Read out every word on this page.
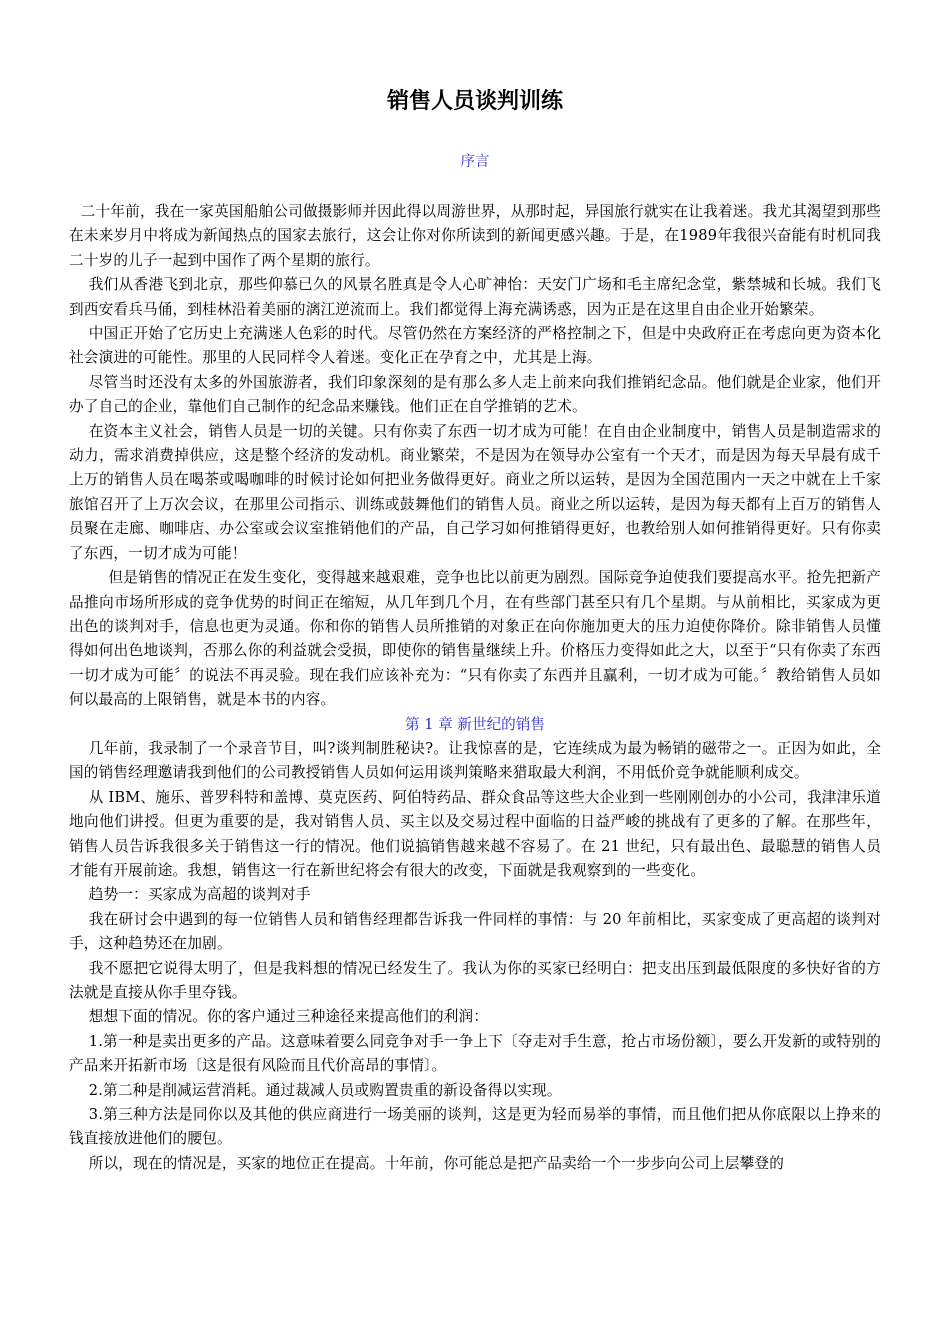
销售人员谈判训练
序言

二十年前，我在一家英国船舶公司做摄影师并因此得以周游世界，从那时起，异国旅行就实在让我着迷。我尤其渴望到那些在未来岁月中将成为新闻热点的国家去旅行，这会让你对你所读到的新闻更感兴趣。于是，在1989年我很兴奋能有时机同我二十岁的儿子一起到中国作了两个星期的旅行。

我们从香港飞到北京，那些仰慕已久的风景名胜真是令人心旷神怡：天安门广场和毛主席纪念堂，紫禁城和长城。我们飞到西安看兵马俑，到桂林沿着美丽的漓江逆流而上。我们都觉得上海充满诱惑，因为正是在这里自由企业开始繁荣。

中国正开始了它历史上充满迷人色彩的时代。尽管仍然在方案经济的严格控制之下，但是中央政府正在考虑向更为资本化社会演进的可能性。那里的人民同样令人着迷。变化正在孕育之中，尤其是上海。

尽管当时还没有太多的外国旅游者，我们印象深刻的是有那么多人走上前来向我们推销纪念品。他们就是企业家，他们开办了自己的企业，靠他们自己制作的纪念品来赚钱。他们正在自学推销的艺术。

在资本主义社会，销售人员是一切的关键。只有你卖了东西一切才成为可能！在自由企业制度中，销售人员是制造需求的动力，需求消费掉供应，这是整个经济的发动机。商业繁荣，不是因为在领导办公室有一个天才，而是因为每天早晨有成千上万的销售人员在喝茶或喝咖啡的时候讨论如何把业务做得更好。商业之所以运转，是因为全国范围内一天之中就在上千家旅馆召开了上万次会议，在那里公司指示、训练或鼓舞他们的销售人员。商业之所以运转，是因为每天都有上百万的销售人员聚在走廊、咖啡店、办公室或会议室推销他们的产品，自己学习如何推销得更好，也教给别人如何推销得更好。只有你卖了东西，一切才成为可能！

但是销售的情况正在发生变化，变得越来越艰难，竞争也比以前更为剧烈。国际竞争迫使我们要提高水平。抢先把新产品推向市场所形成的竞争优势的时间正在缩短，从几年到几个月，在有些部门甚至只有几个星期。与从前相比，买家成为更出色的谈判对手，信息也更为灵通。你和你的销售人员所推销的对象正在向你施加更大的压力迫使你降价。除非销售人员懂得如何出色地谈判，否那么你的利益就会受损，即使你的销售量继续上升。价格压力变得如此之大，以至于“只有你卖了东西一切才成为可能〞的说法不再灵验。现在我们应该补充为：“只有你卖了东西并且赢利，一切才成为可能。〞教给销售人员如何以最高的上限销售，就是本书的内容。

第 1 章 新世纪的销售

几年前，我录制了一个录音节目，叫?谈判制胜秘诀?。让我惊喜的是，它连续成为最为畅销的磁带之一。正因为如此，全国的销售经理邀请我到他们的公司教授销售人员如何运用谈判策略来猎取最大利润，不用低价竞争就能顺利成交。

从 IBM、施乐、普罗科特和盖博、莫克医药、阿伯特药品、群众食品等这些大企业到一些刚刚创办的小公司，我津津乐道地向他们讲授。但更为重要的是，我对销售人员、买主以及交易过程中面临的日益严峻的挑战有了更多的了解。在那些年，销售人员告诉我很多关于销售这一行的情况。他们说搞销售越来越不容易了。在 21 世纪，只有最出色、最聪慧的销售人员才能有开展前途。我想，销售这一行在新世纪将会有很大的改变，下面就是我观察到的一些变化。

趋势一：买家成为高超的谈判对手

我在研讨会中遇到的每一位销售人员和销售经理都告诉我一件同样的事情：与 20 年前相比，买家变成了更高超的谈判对手，这种趋势还在加剧。

我不愿把它说得太明了，但是我料想的情况已经发生了。我认为你的买家已经明白：把支出压到最低限度的多快好省的方法就是直接从你手里夺钱。

想想下面的情况。你的客户通过三种途径来提高他们的利润：

1.第一种是卖出更多的产品。这意味着要么同竞争对手一争上下〔夺走对手生意，抢占市场份额〕，要么开发新的或特别的产品来开拓新市场〔这是很有风险而且代价高昂的事情〕。

2.第二种是削减运营消耗。通过裁减人员或购置贵重的新设备得以实现。

3.第三种方法是同你以及其他的供应商进行一场美丽的谈判，这是更为轻而易举的事情，而且他们把从你底限以上挣来的钱直接放进他们的腰包。

所以，现在的情况是，买家的地位正在提高。十年前，你可能总是把产品卖给一个一步步向公司上层攀登的
